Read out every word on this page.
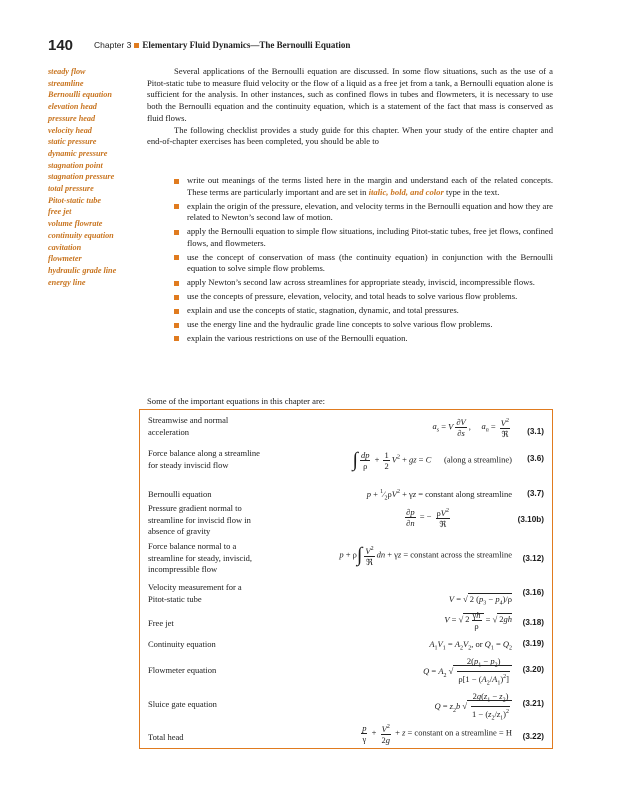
140 Chapter 3 Elementary Fluid Dynamics—The Bernoulli Equation
steady flow
streamline
Bernoulli equation
elevation head
pressure head
velocity head
static pressure
dynamic pressure
stagnation point
stagnation pressure
total pressure
Pitot-static tube
free jet
volume flowrate
continuity equation
cavitation
flowmeter
hydraulic grade line
energy line

Several applications of the Bernoulli equation are discussed. In some flow situations, such as the use of a Pitot-static tube to measure fluid velocity or the flow of a liquid as a free jet from a tank, a Bernoulli equation alone is sufficient for the analysis. In other instances, such as confined flows in tubes and flowmeters, it is necessary to use both the Bernoulli equation and the continuity equation, which is a statement of the fact that mass is conserved as fluid flows.

The following checklist provides a study guide for this chapter. When your study of the entire chapter and end-of-chapter exercises has been completed, you should be able to

write out meanings of the terms listed here in the margin and understand each of the related concepts. These terms are particularly important and are set in italic, bold, and color type in the text.
explain the origin of the pressure, elevation, and velocity terms in the Bernoulli equation and how they are related to Newton’s second law of motion.
apply the Bernoulli equation to simple flow situations, including Pitot-static tubes, free jet flows, confined flows, and flowmeters.
use the concept of conservation of mass (the continuity equation) in conjunction with the Bernoulli equation to solve simple flow problems.
apply Newton’s second law across streamlines for appropriate steady, inviscid, incompressible flows.
use the concepts of pressure, elevation, velocity, and total heads to solve various flow problems.
explain and use the concepts of static, stagnation, dynamic, and total pressures.
use the energy line and the hydraulic grade line concepts to solve various flow problems.
explain the various restrictions on use of the Bernoulli equation.
Some of the important equations in this chapter are:
Streamwise and normal
acceleration
$a_s = V \frac{\partial V}{\partial s}$ ,     $a_n = \frac{V^2}{\text{ℜ}} (3.1)$
Force balance along a streamline
for steady inviscid flow	∫ $\frac{dp}{\rho} + \frac{1}{2} V^2$ + gz = C (along a streamline) (3.6)
Bernoulli equation	$p + ^1⁄_2\rho V^2 + \gamma z$ = constant along streamline (3.7)
Pressure gradient normal to
streamline for inviscid flow in
absence of gravity
$\frac{\partial p}{\partial n}$ = − $\frac{\rho V^2}{\text{ℜ}}$	(3.10b)
Force balance normal to a
streamline for steady, inviscid,
incompressible flow
$p + \rho\int \frac{V^2}{\text{ℜ}}$ dn + γz = constant across the streamline (3.12)
Velocity measurement for a
Pitot-static tube	V = √ 2 $(p_3 - p_4)/\rho$
(3.16)
Free jet	V = √ $2 \frac{\gamma h}{\rho}$ = √ 2gh (3.18)
Continuity equation	$A_1V_1 = A_2V_2$, or $Q_1 = Q_2$
(3.19)
Flowmeter equation	$Q = A_2$ √ $\frac{2(p_1 - p_2)}{\rho[1 - (A_2/A_1)^2]} (3.20)$
Sluice gate equation	$Q = z_2b$ √ $\frac{2g(z_1 - z_2)}{1 - (z_2/z_1)^2} (3.21)$
Total head	$\frac{p}{\gamma} + \frac{V^2}{2g} + z$ = constant on a streamline = H (3.22)
